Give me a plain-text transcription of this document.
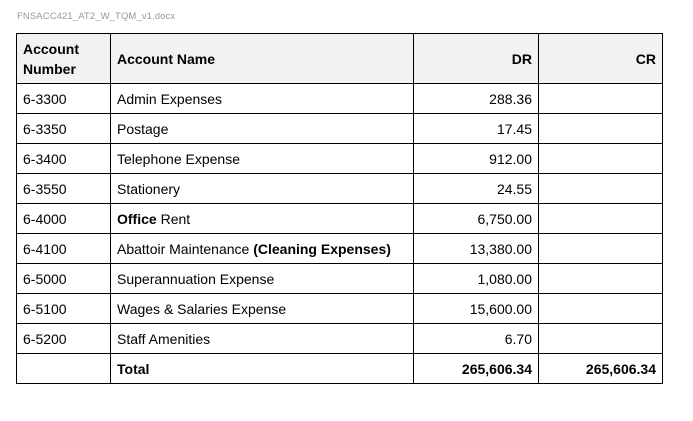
FNSACC421_AT2_W_TQM_v1.docx
Account Number	Account Name	DR	CR
6-3300	Admin Expenses	288.36	
6-3350	Postage	17.45	
6-3400	Telephone Expense	912.00	
6-3550	Stationery	24.55	
6-4000	Office Rent	6,750.00	
6-4100	Abattoir Maintenance (Cleaning Expenses)	13,380.00	
6-5000	Superannuation Expense	1,080.00	
6-5100	Wages & Salaries Expense	15,600.00	
6-5200	Staff Amenities	6.70	
	Total	265,606.34	265,606.34
